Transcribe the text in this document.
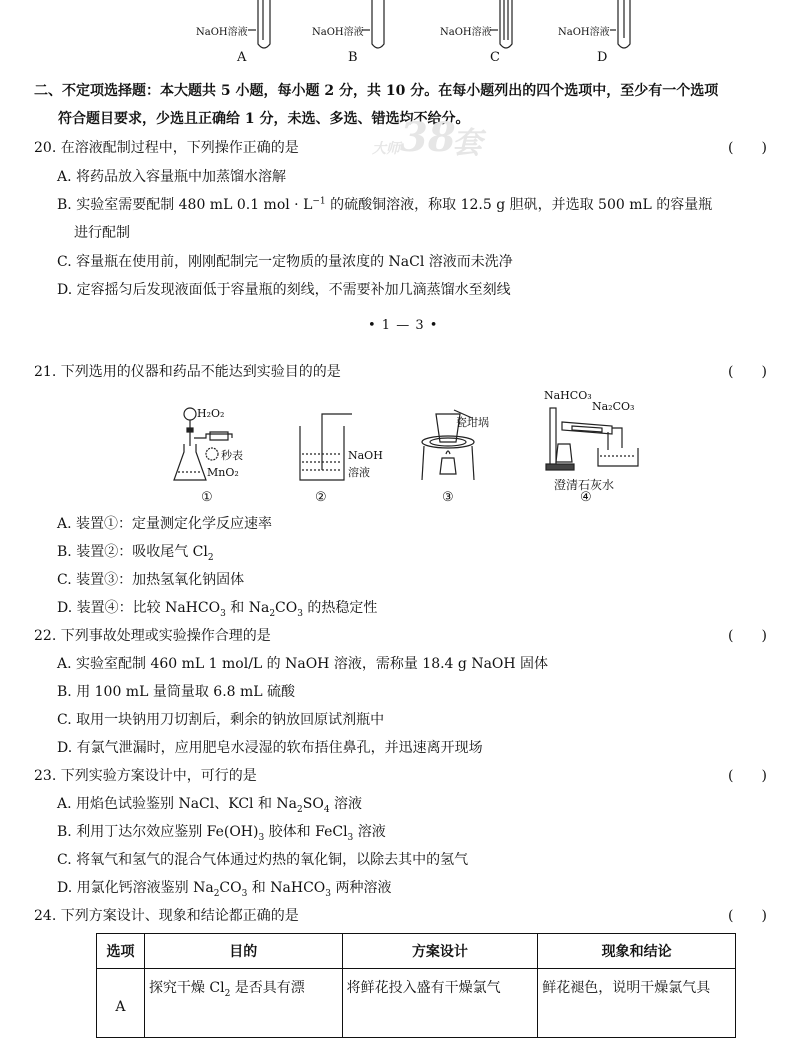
NaOH溶液	NaOH溶液	NaOH溶液	NaOH溶液
A	B	C	D
二、不定项选择题：本大题共 5 小题，每小题 2 分，共 10 分。在每小题列出的四个选项中，至少有一个选项
符合题目要求，少选且正确给 1 分，未选、多选、错选均不给分。
大师 38
套
20. 在溶液配制过程中，下列操作正确的是	(　　)
A. 将药品放入容量瓶中加蒸馏水溶解
B. 实验室需要配制 480 mL 0.1 mol · $L^{-1}$ 的硫酸铜溶液，称取 12.5 g 胆矾，并选取 500 mL 的容量瓶
进行配制
C. 容量瓶在使用前，刚刚配制完一定物质的量浓度的 NaCl 溶液而未洗净
D. 定容摇匀后发现液面低于容量瓶的刻线，不需要补加几滴蒸馏水至刻线
• 1 — 3 •
21. 下列选用的仪器和药品不能达到实验目的的是	(　　)
H₂O₂
秒表
MnO₂
①
NaOH
溶液
②
瓷坩埚
③
NaHCO₃
Na₂CO₃
澄清石灰水
④
A. 装置①：定量测定化学反应速率
B. 装置②：吸收尾气 $Cl_2$
C. 装置③：加热氢氧化钠固体
D. 装置④：比较 NaHCO$_3$ 和 $Na_2CO_3$ 的热稳定性
22. 下列事故处理或实验操作合理的是	(　　)
A. 实验室配制 460 mL 1 mol/L 的 NaOH 溶液，需称量 18.4 g NaOH 固体
B. 用 100 mL 量筒量取 6.8 mL 硫酸
C. 取用一块钠用刀切割后，剩余的钠放回原试剂瓶中
D. 有氯气泄漏时，应用肥皂水浸湿的软布捂住鼻孔，并迅速离开现场
23. 下列实验方案设计中，可行的是	(　　)
A. 用焰色试验鉴别 NaCl、KCl 和 $Na_2SO_4$ 溶液
B. 利用丁达尔效应鉴别 $Fe(OH)_3$ 胶体和 FeCl$_3$ 溶液
C. 将氧气和氢气的混合气体通过灼热的氧化铜，以除去其中的氢气
D. 用氯化钙溶液鉴别 $Na_2CO_3$ 和 NaHCO$_3$ 两种溶液
24. 下列方案设计、现象和结论都正确的是	(　　)
选项	目的	方案设计	现象和结论
A	探究干燥 $Cl_2$ 是否具有漂	将鲜花投入盛有干燥氯气	鲜花褪色，说明干燥氯气具
